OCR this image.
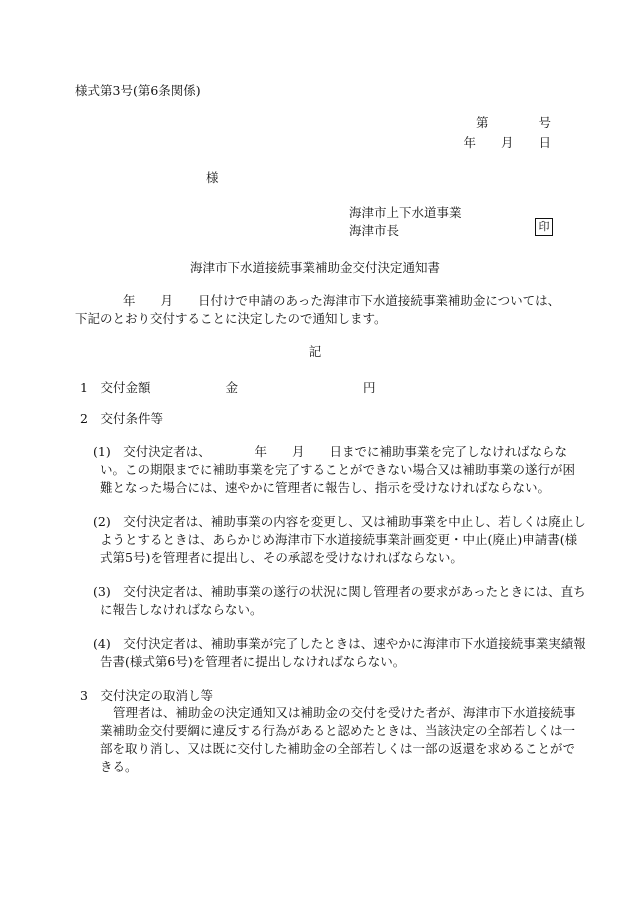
様式第3号(第6条関係)
第　　　　号
年　　月　　日
様
海津市上下水道事業
海津市長	印
海津市下水道接続事業補助金交付決定通知書
年　　月　　日付けで申請のあった海津市下水道接続事業補助金については、
下記のとおり交付することに決定したので通知します。
記
1　交付金額　　　　　　金　　　　　　　　　　円
2　交付条件等
(1)　交付決定者は、　　　　年　　月　　日までに補助事業を完了しなければならな
い。この期限までに補助事業を完了することができない場合又は補助事業の遂行が困
難となった場合には、速やかに管理者に報告し、指示を受けなければならない。
(2)　交付決定者は、補助事業の内容を変更し、又は補助事業を中止し、若しくは廃止し
ようとするときは、あらかじめ海津市下水道接続事業計画変更・中止(廃止)申請書(様
式第5号)を管理者に提出し、その承認を受けなければならない。
(3)　交付決定者は、補助事業の遂行の状況に関し管理者の要求があったときには、直ち
に報告しなければならない。
(4)　交付決定者は、補助事業が完了したときは、速やかに海津市下水道接続事業実績報
告書(様式第6号)を管理者に提出しなければならない。
3　交付決定の取消し等
管理者は、補助金の決定通知又は補助金の交付を受けた者が、海津市下水道接続事
業補助金交付要綱に違反する行為があると認めたときは、当該決定の全部若しくは一
部を取り消し、又は既に交付した補助金の全部若しくは一部の返還を求めることがで
きる。
